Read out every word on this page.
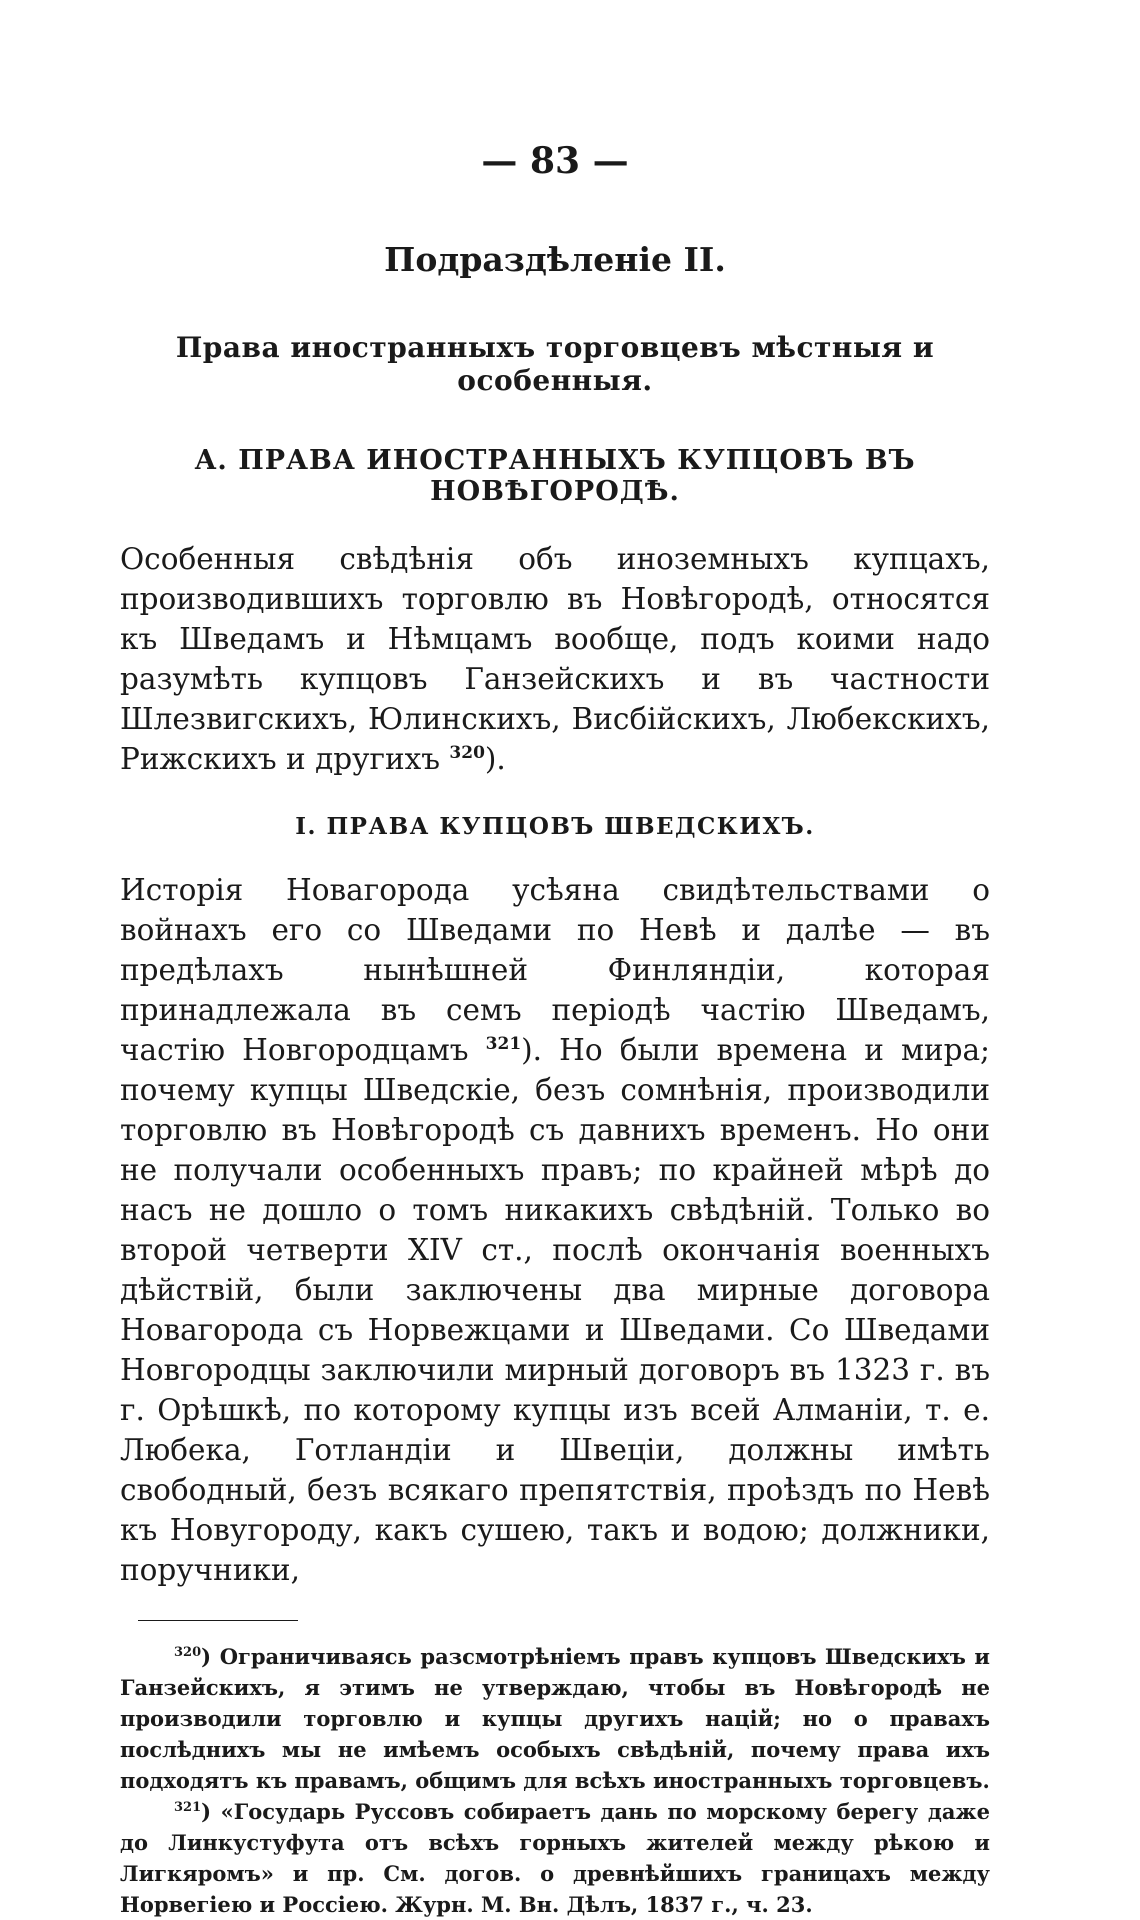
— 83 —
Подраздѣленіе II.
Права иностранныхъ торговцевъ мѣстныя и особенныя.
А. ПРАВА ИНОСТРАННЫХЪ КУПЦОВЪ ВЪ НОВѢГОРОДѢ.

Особенныя свѣдѣнія объ иноземныхъ купцахъ, производившихъ торговлю въ Новѣгородѣ, относятся къ Шведамъ и Нѣмцамъ вообще, подъ коими надо разумѣть купцовъ Ганзейскихъ и въ частности Шлезвигскихъ, Юлинскихъ, Висбійскихъ, Любекскихъ, Рижскихъ и другихъ $^{320}$).

I. ПРАВА КУПЦОВЪ ШВЕДСКИХЪ.

Исторія Новагорода усѣяна свидѣтельствами о войнахъ его со Шведами по Невѣ и далѣе — въ предѣлахъ нынѣшней Финляндіи, которая принадлежала въ семъ періодѣ частію Шведамъ, частію Новгородцамъ $^{321}$). Но были времена и мира; почему купцы Шведскіе, безъ сомнѣнія, производили торговлю въ Новѣгородѣ съ давнихъ временъ. Но они не получали особенныхъ правъ; по крайней мѣрѣ до насъ не дошло о томъ никакихъ свѣдѣній. Только во второй четверти XIV ст., послѣ окончанія военныхъ дѣйствій, были заключены два мирные договора Новагорода съ Норвежцами и Шведами. Со Шведами Новгородцы заключили мирный договоръ въ 1323 г. въ г. Орѣшкѣ, по которому купцы изъ всей Алманіи, т. е. Любека, Готландіи и Швеціи, должны имѣть свободный, безъ всякаго препятствія, проѣздъ по Невѣ къ Новугороду, какъ сушею, такъ и водою; должники, поручники,

$^{320}$) Ограничиваясь разсмотрѣніемъ правъ купцовъ Шведскихъ и Ганзейскихъ, я этимъ не утверждаю, чтобы въ Новѣгородѣ не производили торговлю и купцы другихъ націй; но о правахъ послѣднихъ мы не имѣемъ особыхъ свѣдѣній, почему права ихъ подходятъ къ правамъ, общимъ для всѣхъ иностранныхъ торговцевъ.

$^{321}$) «Государь Руссовъ собираетъ дань по морскому берегу даже до Линкустуфута отъ всѣхъ горныхъ жителей между рѣкою и Лигкяромъ» и пр. См. догов. о древнѣйшихъ границахъ между Норвегіею и Россіею. Журн. М. Вн. Дѣлъ, 1837 г., ч. 23.
